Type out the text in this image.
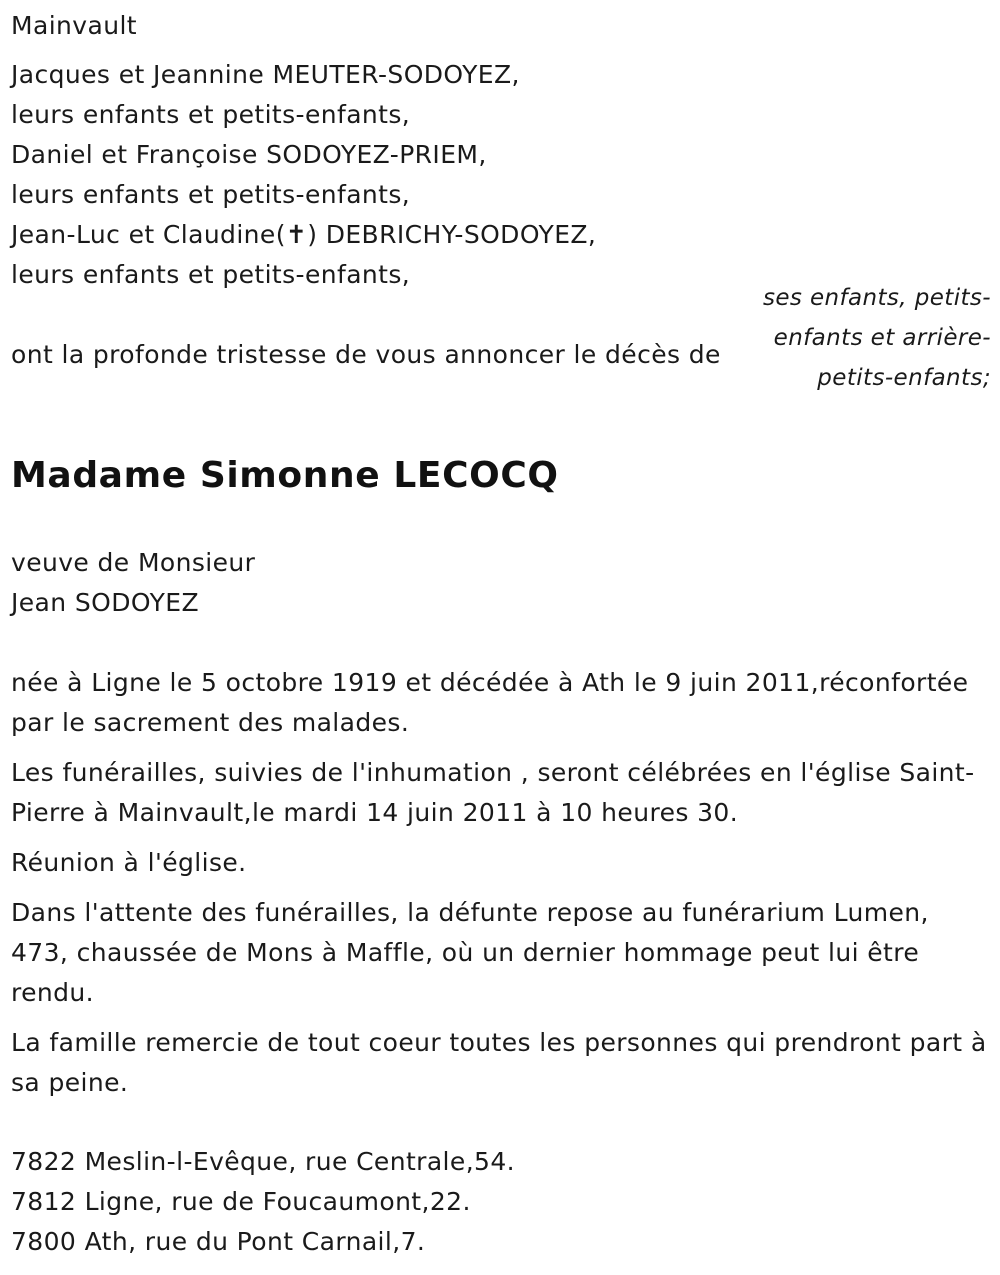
Mainvault
Jacques et Jeannine MEUTER-SODOYEZ,
leurs enfants et petits-enfants,
Daniel et Françoise SODOYEZ-PRIEM,
leurs enfants et petits-enfants,
Jean-Luc et Claudine(✝) DEBRICHY-SODOYEZ,
leurs enfants et petits-enfants,
ses enfants, petits-enfants et arrière-petits-enfants;
ont la profonde tristesse de vous annoncer le décès de
Madame Simonne LECOCQ
veuve de Monsieur
Jean SODOYEZ

née à Ligne le 5 octobre 1919 et décédée à Ath le 9 juin 2011,réconfortée par le sacrement des malades.

Les funérailles, suivies de l'inhumation , seront célébrées en l'église Saint-Pierre à Mainvault,le mardi 14 juin 2011 à 10 heures 30.

Réunion à l'église.

Dans l'attente des funérailles, la défunte repose au funérarium Lumen, 473, chaussée de Mons à Maffle, où un dernier hommage peut lui être rendu.

La famille remercie de tout coeur toutes les personnes qui prendront part à sa peine.

7822 Meslin-l-Evêque, rue Centrale,54.
7812 Ligne, rue de Foucaumont,22.
7800 Ath, rue du Pont Carnail,7.
